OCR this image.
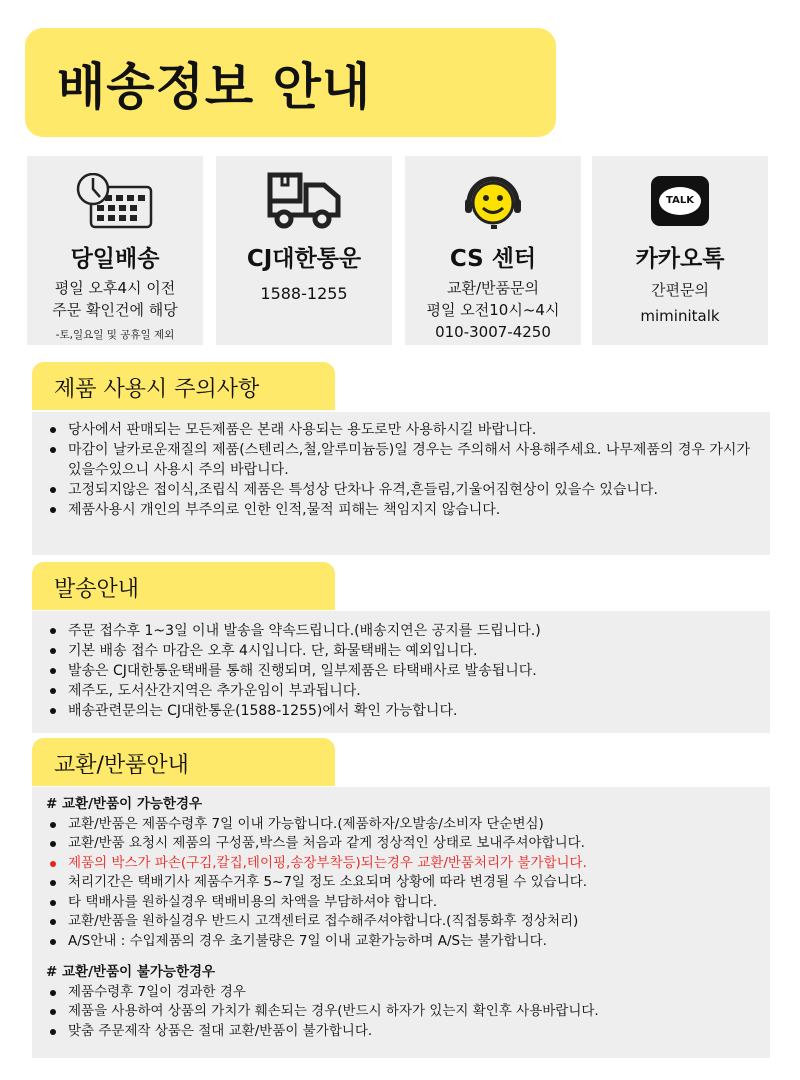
배송정보 안내
당일배송
평일 오후4시 이전
주문 확인건에 해당
-토,일요일 및 공휴일 제외
CJ대한통운
1588-1255
CS 센터
교환/반품문의
평일 오전10시~4시
010-3007-4250
TALK
카카오톡
간편문의
miminitalk
제품 사용시 주의사항
당사에서 판매되는 모든제품은 본래 사용되는 용도로만 사용하시길 바랍니다.
마감이 날카로운재질의 제품(스텐리스,철,알루미늄등)일 경우는 주의해서 사용해주세요. 나무제품의 경우 가시가 있을수있으니 사용시 주의 바랍니다.
고정되지않은 접이식,조립식 제품은 특성상 단차나 유격,흔들림,기울어짐현상이 있을수 있습니다.
제품사용시 개인의 부주의로 인한 인적,물적 피해는 책임지지 않습니다.
발송안내
주문 접수후 1~3일 이내 발송을 약속드립니다.(배송지연은 공지를 드립니다.)
기본 배송 접수 마감은 오후 4시입니다. 단, 화물택배는 예외입니다.
발송은 CJ대한통운택배를 통해 진행되며, 일부제품은 타택배사로 발송됩니다.
제주도, 도서산간지역은 추가운임이 부과됩니다.
배송관련문의는 CJ대한통운(1588-1255)에서 확인 가능합니다.
교환/반품안내
# 교환/반품이 가능한경우
교환/반품은 제품수령후 7일 이내 가능합니다.(제품하자/오발송/소비자 단순변심)
교환/반품 요청시 제품의 구성품,박스를 처음과 같게 정상적인 상태로 보내주셔야합니다.
제품의 박스가 파손(구김,칼집,테이핑,송장부착등)되는경우 교환/반품처리가 불가합니다.
처리기간은 택배기사 제품수거후 5~7일 정도 소요되며 상황에 따라 변경될 수 있습니다.
타 택배사를 원하실경우 택배비용의 차액을 부담하셔야 합니다.
교환/반품을 원하실경우 반드시 고객센터로 접수해주셔야합니다.(직접통화후 정상처리)
A/S안내 : 수입제품의 경우 초기불량은 7일 이내 교환가능하며 A/S는 불가합니다.
# 교환/반품이 불가능한경우
제품수령후 7일이 경과한 경우
제품을 사용하여 상품의 가치가 훼손되는 경우(반드시 하자가 있는지 확인후 사용바랍니다.
맞춤 주문제작 상품은 절대 교환/반품이 불가합니다.
